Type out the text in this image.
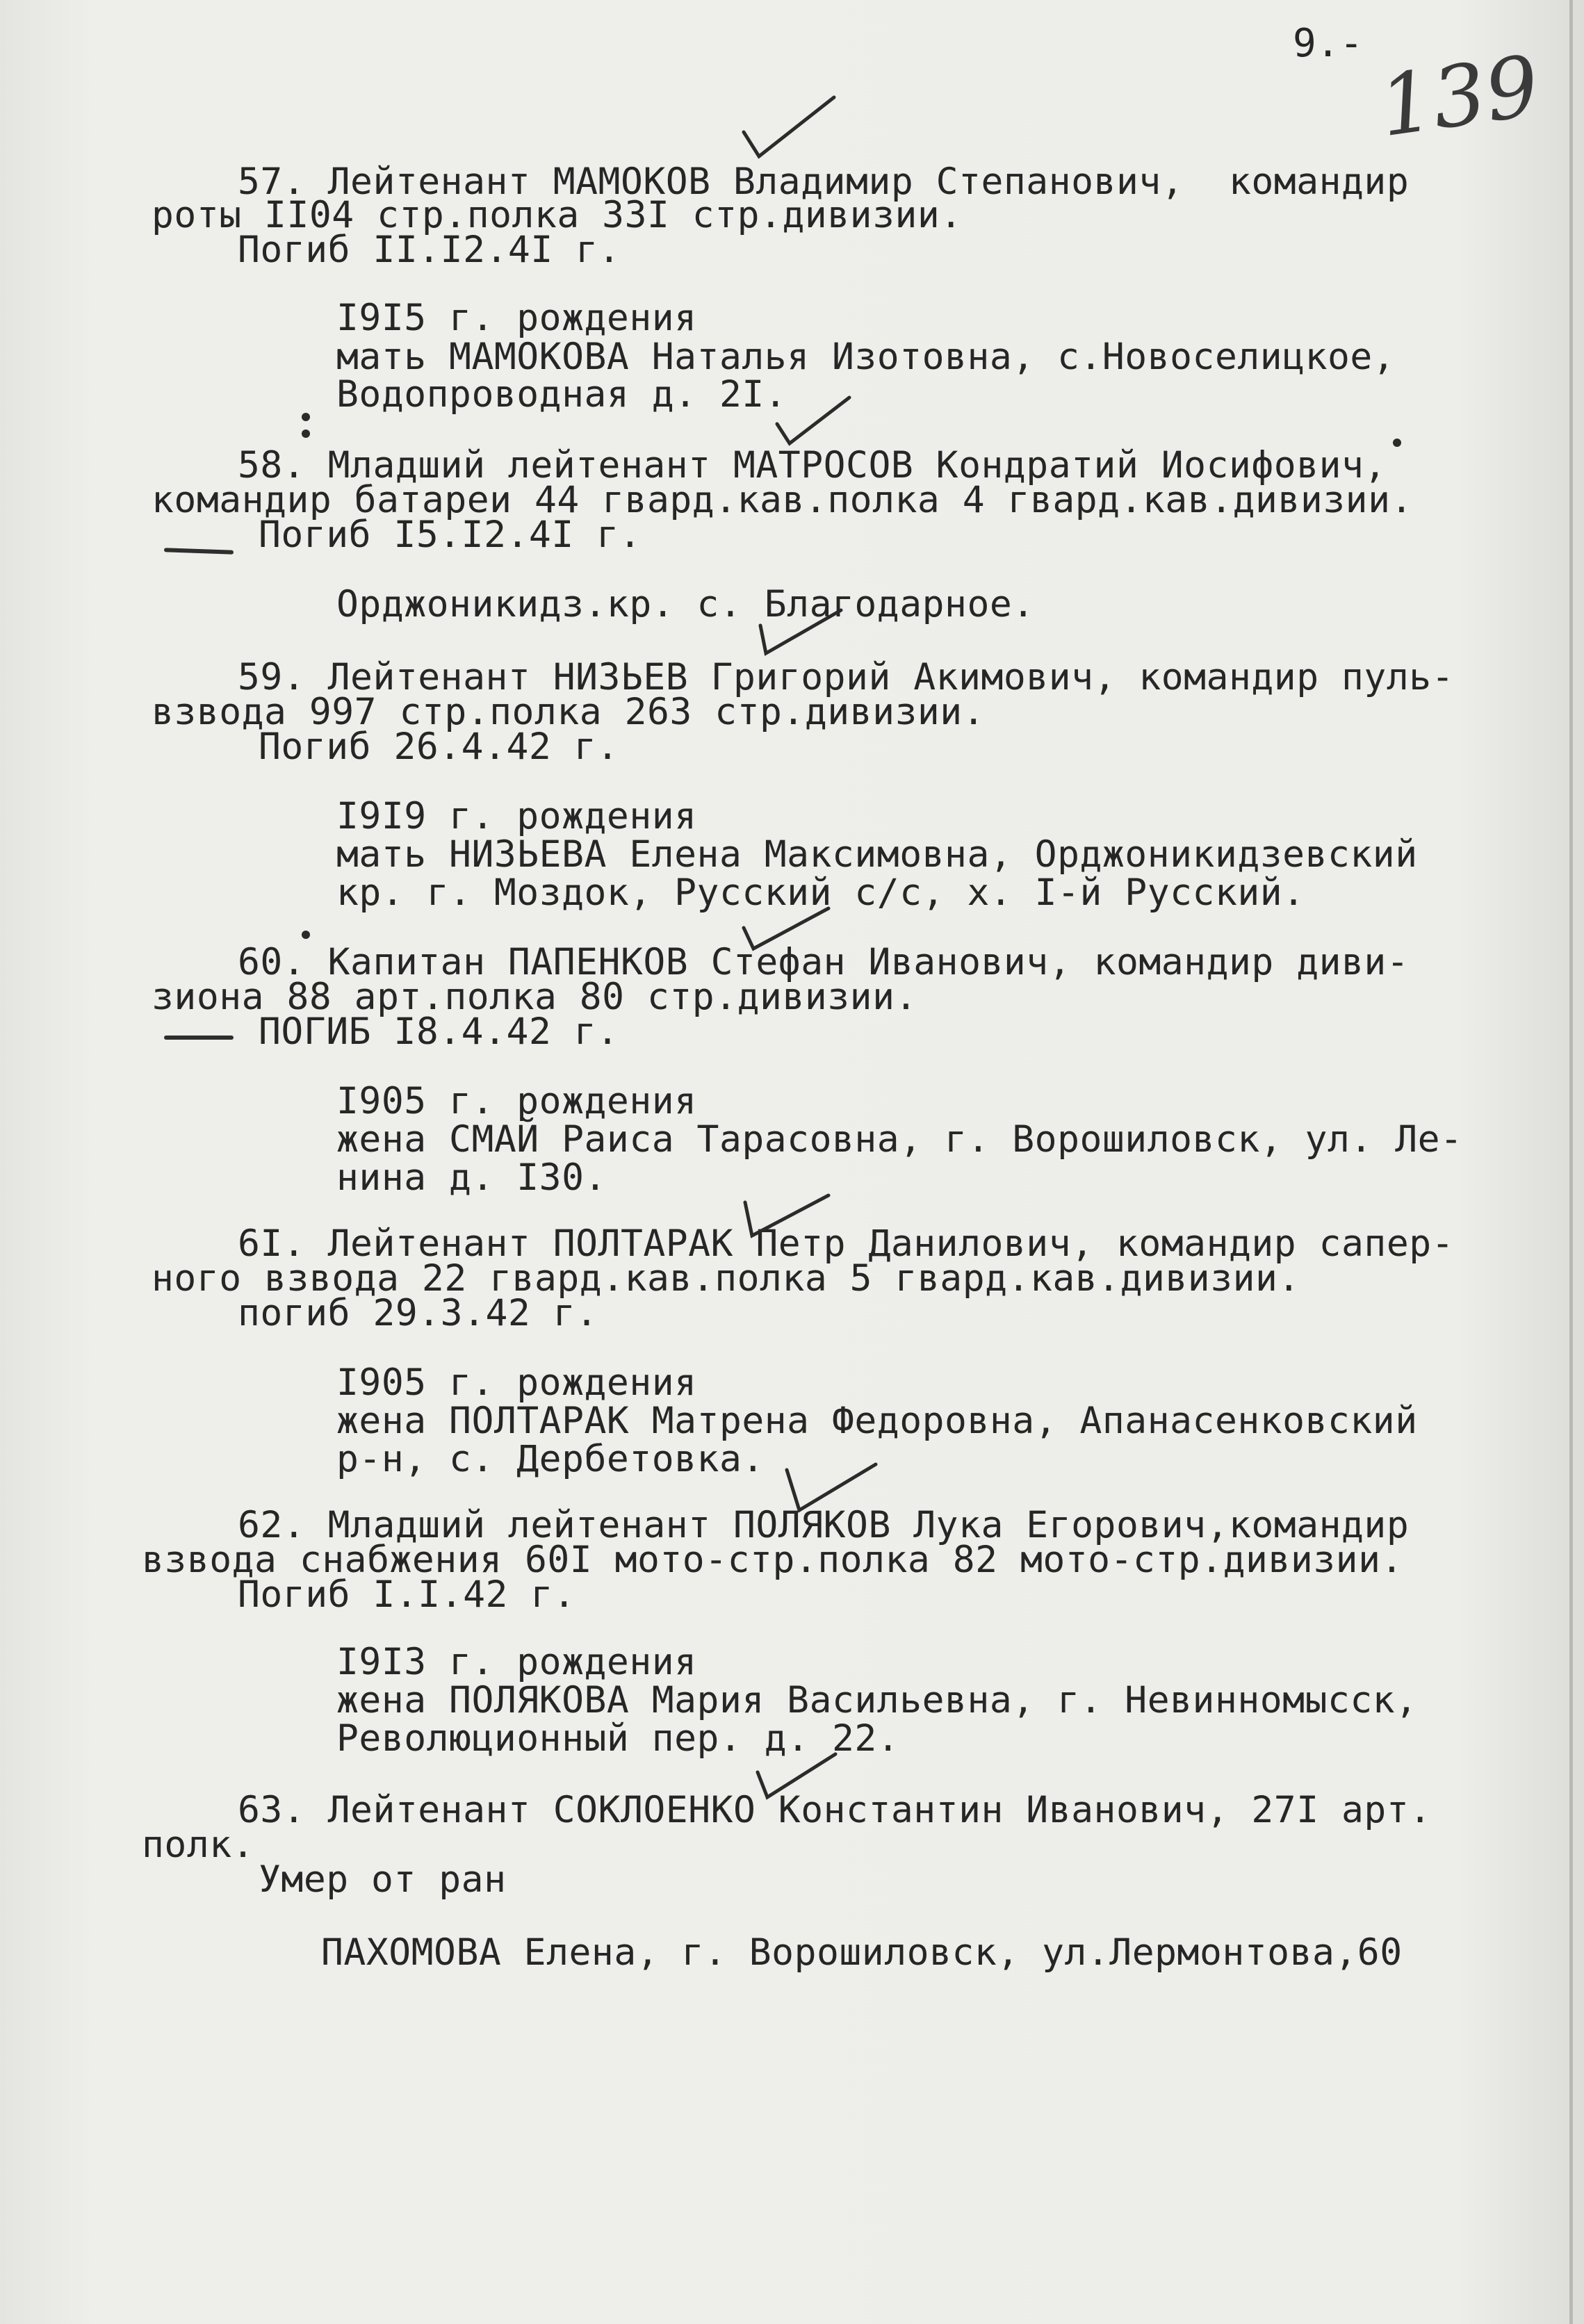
9.- 139
57. Лейтенант МАМОКОВ Владимир Степанович,  командир
роты II04 стр.полка 33I стр.дивизии.
Погиб II.I2.4I г.
I9I5 г. рождения
мать МАМОКОВА Наталья Изотовна, с.Новоселицкое,
Водопроводная д. 2I.
58. Младший лейтенант МАТРОСОВ Кондратий Иосифович,
командир батареи 44 гвард.кав.полка 4 гвард.кав.дивизии.
Погиб I5.I2.4I г.
Орджоникидз.кр. с. Благодарное.
59. Лейтенант НИЗЬЕВ Григорий Акимович, командир пуль-
взвода 997 стр.полка 263 стр.дивизии.
Погиб 26.4.42 г.
I9I9 г. рождения
мать НИЗЬЕВА Елена Максимовна, Орджоникидзевский
кр. г. Моздок, Русский с/с, х. I-й Русский.
60. Капитан ПАПЕНКОВ Стефан Иванович, командир диви-
зиона 88 арт.полка 80 стр.дивизии.
ПОГИБ I8.4.42 г.
I905 г. рождения
жена СМАЙ Раиса Тарасовна, г. Ворошиловск, ул. Ле-
нина д. I30.
6I. Лейтенант ПОЛТАРАК Петр Данилович, командир сапер-
ного взвода 22 гвард.кав.полка 5 гвард.кав.дивизии.
погиб 29.3.42 г.
I905 г. рождения
жена ПОЛТАРАК Матрена Федоровна, Апанасенковский
р-н, с. Дербетовка.
62. Младший лейтенант ПОЛЯКОВ Лука Егорович,командир
взвода снабжения 60I мото-стр.полка 82 мото-стр.дивизии.
Погиб I.I.42 г.
I9I3 г. рождения
жена ПОЛЯКОВА Мария Васильевна, г. Невинномысск,
Революционный пер. д. 22.
63. Лейтенант СОКЛОЕНКО Константин Иванович, 27I арт.
полк.
Умер от ран
ПАХОМОВА Елена, г. Ворошиловск, ул.Лермонтова,60
